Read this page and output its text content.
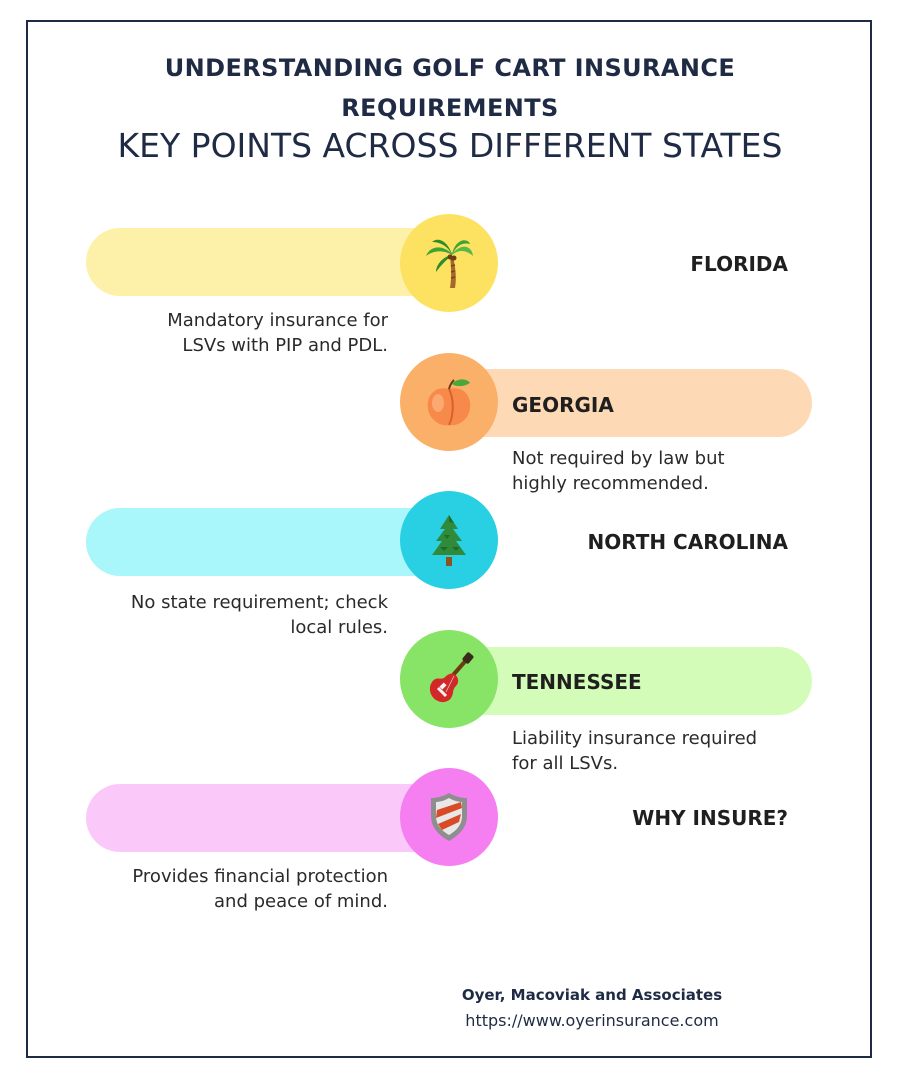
UNDERSTANDING GOLF CART INSURANCE
REQUIREMENTS
KEY POINTS ACROSS DIFFERENT STATES
FLORIDA
Mandatory insurance for
LSVs with PIP and PDL.
GEORGIA
Not required by law but
highly recommended.
NORTH CAROLINA
No state requirement; check
local rules.
TENNESSEE
Liability insurance required
for all LSVs.
WHY INSURE?
Provides financial protection
and peace of mind.
Oyer, Macoviak and Associates
https://www.oyerinsurance.com
